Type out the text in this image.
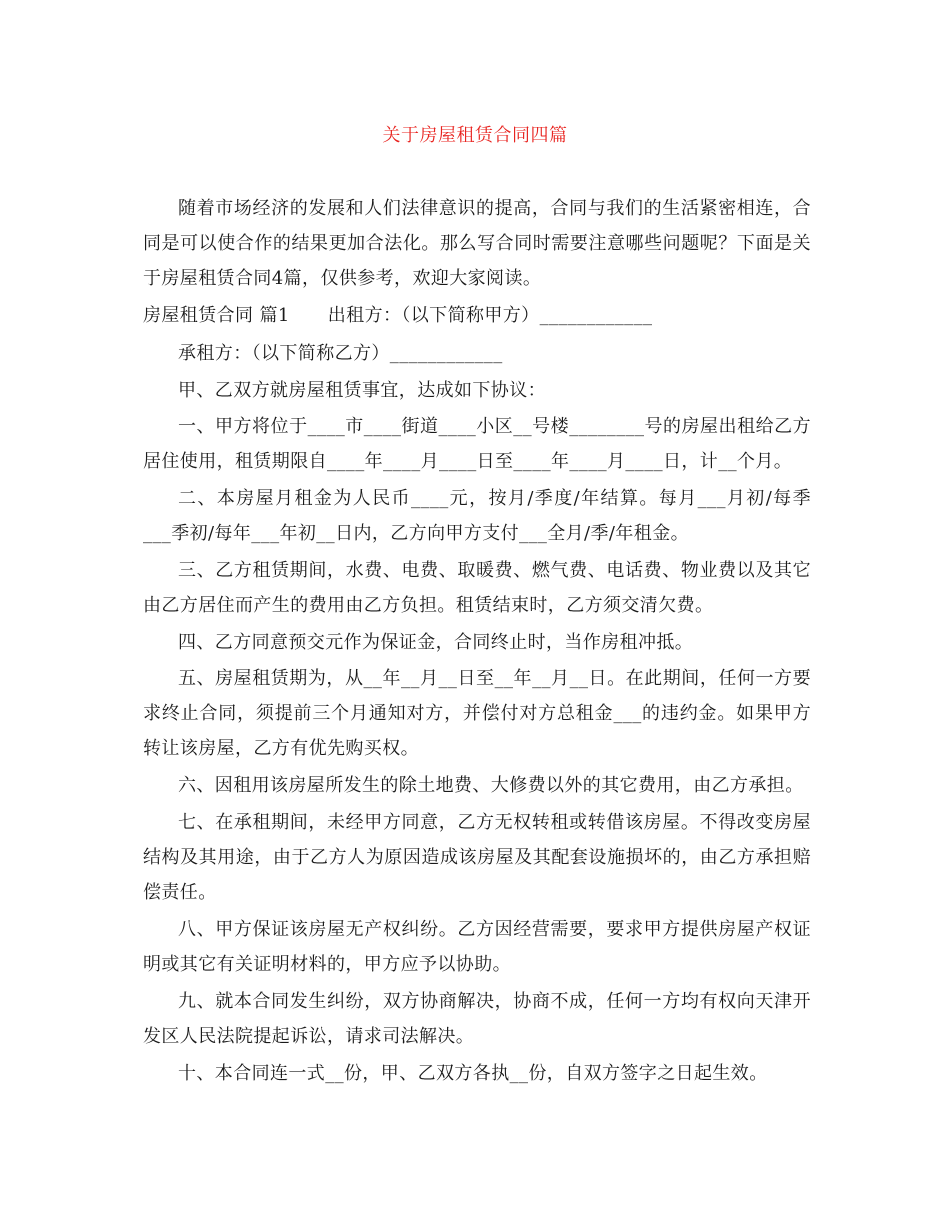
关于房屋租赁合同四篇
随着市场经济的发展和人们法律意识的提高，合同与我们的生活紧密相连，合
同是可以使合作的结果更加合法化。那么写合同时需要注意哪些问题呢？下面是关
于房屋租赁合同4篇，仅供参考，欢迎大家阅读。
房屋租赁合同 篇1 出租方：（以下简称甲方）____________
承租方：（以下简称乙方）____________
甲、乙双方就房屋租赁事宜，达成如下协议：
一、甲方将位于____市____街道____小区__号楼________号的房屋出租给乙方
居住使用，租赁期限自____年____月____日至____年____月____日，计__个月。
二、本房屋月租金为人民币____元，按月/季度/年结算。每月___月初/每季
___季初/每年___年初__日内，乙方向甲方支付___全月/季/年租金。
三、乙方租赁期间，水费、电费、取暖费、燃气费、电话费、物业费以及其它
由乙方居住而产生的费用由乙方负担。租赁结束时，乙方须交清欠费。
四、乙方同意预交元作为保证金，合同终止时，当作房租冲抵。
五、房屋租赁期为，从__年__月__日至__年__月__日。在此期间，任何一方要
求终止合同，须提前三个月通知对方，并偿付对方总租金___的违约金。如果甲方
转让该房屋，乙方有优先购买权。
六、因租用该房屋所发生的除土地费、大修费以外的其它费用，由乙方承担。
七、在承租期间，未经甲方同意，乙方无权转租或转借该房屋。不得改变房屋
结构及其用途，由于乙方人为原因造成该房屋及其配套设施损坏的，由乙方承担赔
偿责任。
八、甲方保证该房屋无产权纠纷。乙方因经营需要，要求甲方提供房屋产权证
明或其它有关证明材料的，甲方应予以协助。
九、就本合同发生纠纷，双方协商解决，协商不成，任何一方均有权向天津开
发区人民法院提起诉讼，请求司法解决。
十、本合同连一式__份，甲、乙双方各执__份，自双方签字之日起生效。
